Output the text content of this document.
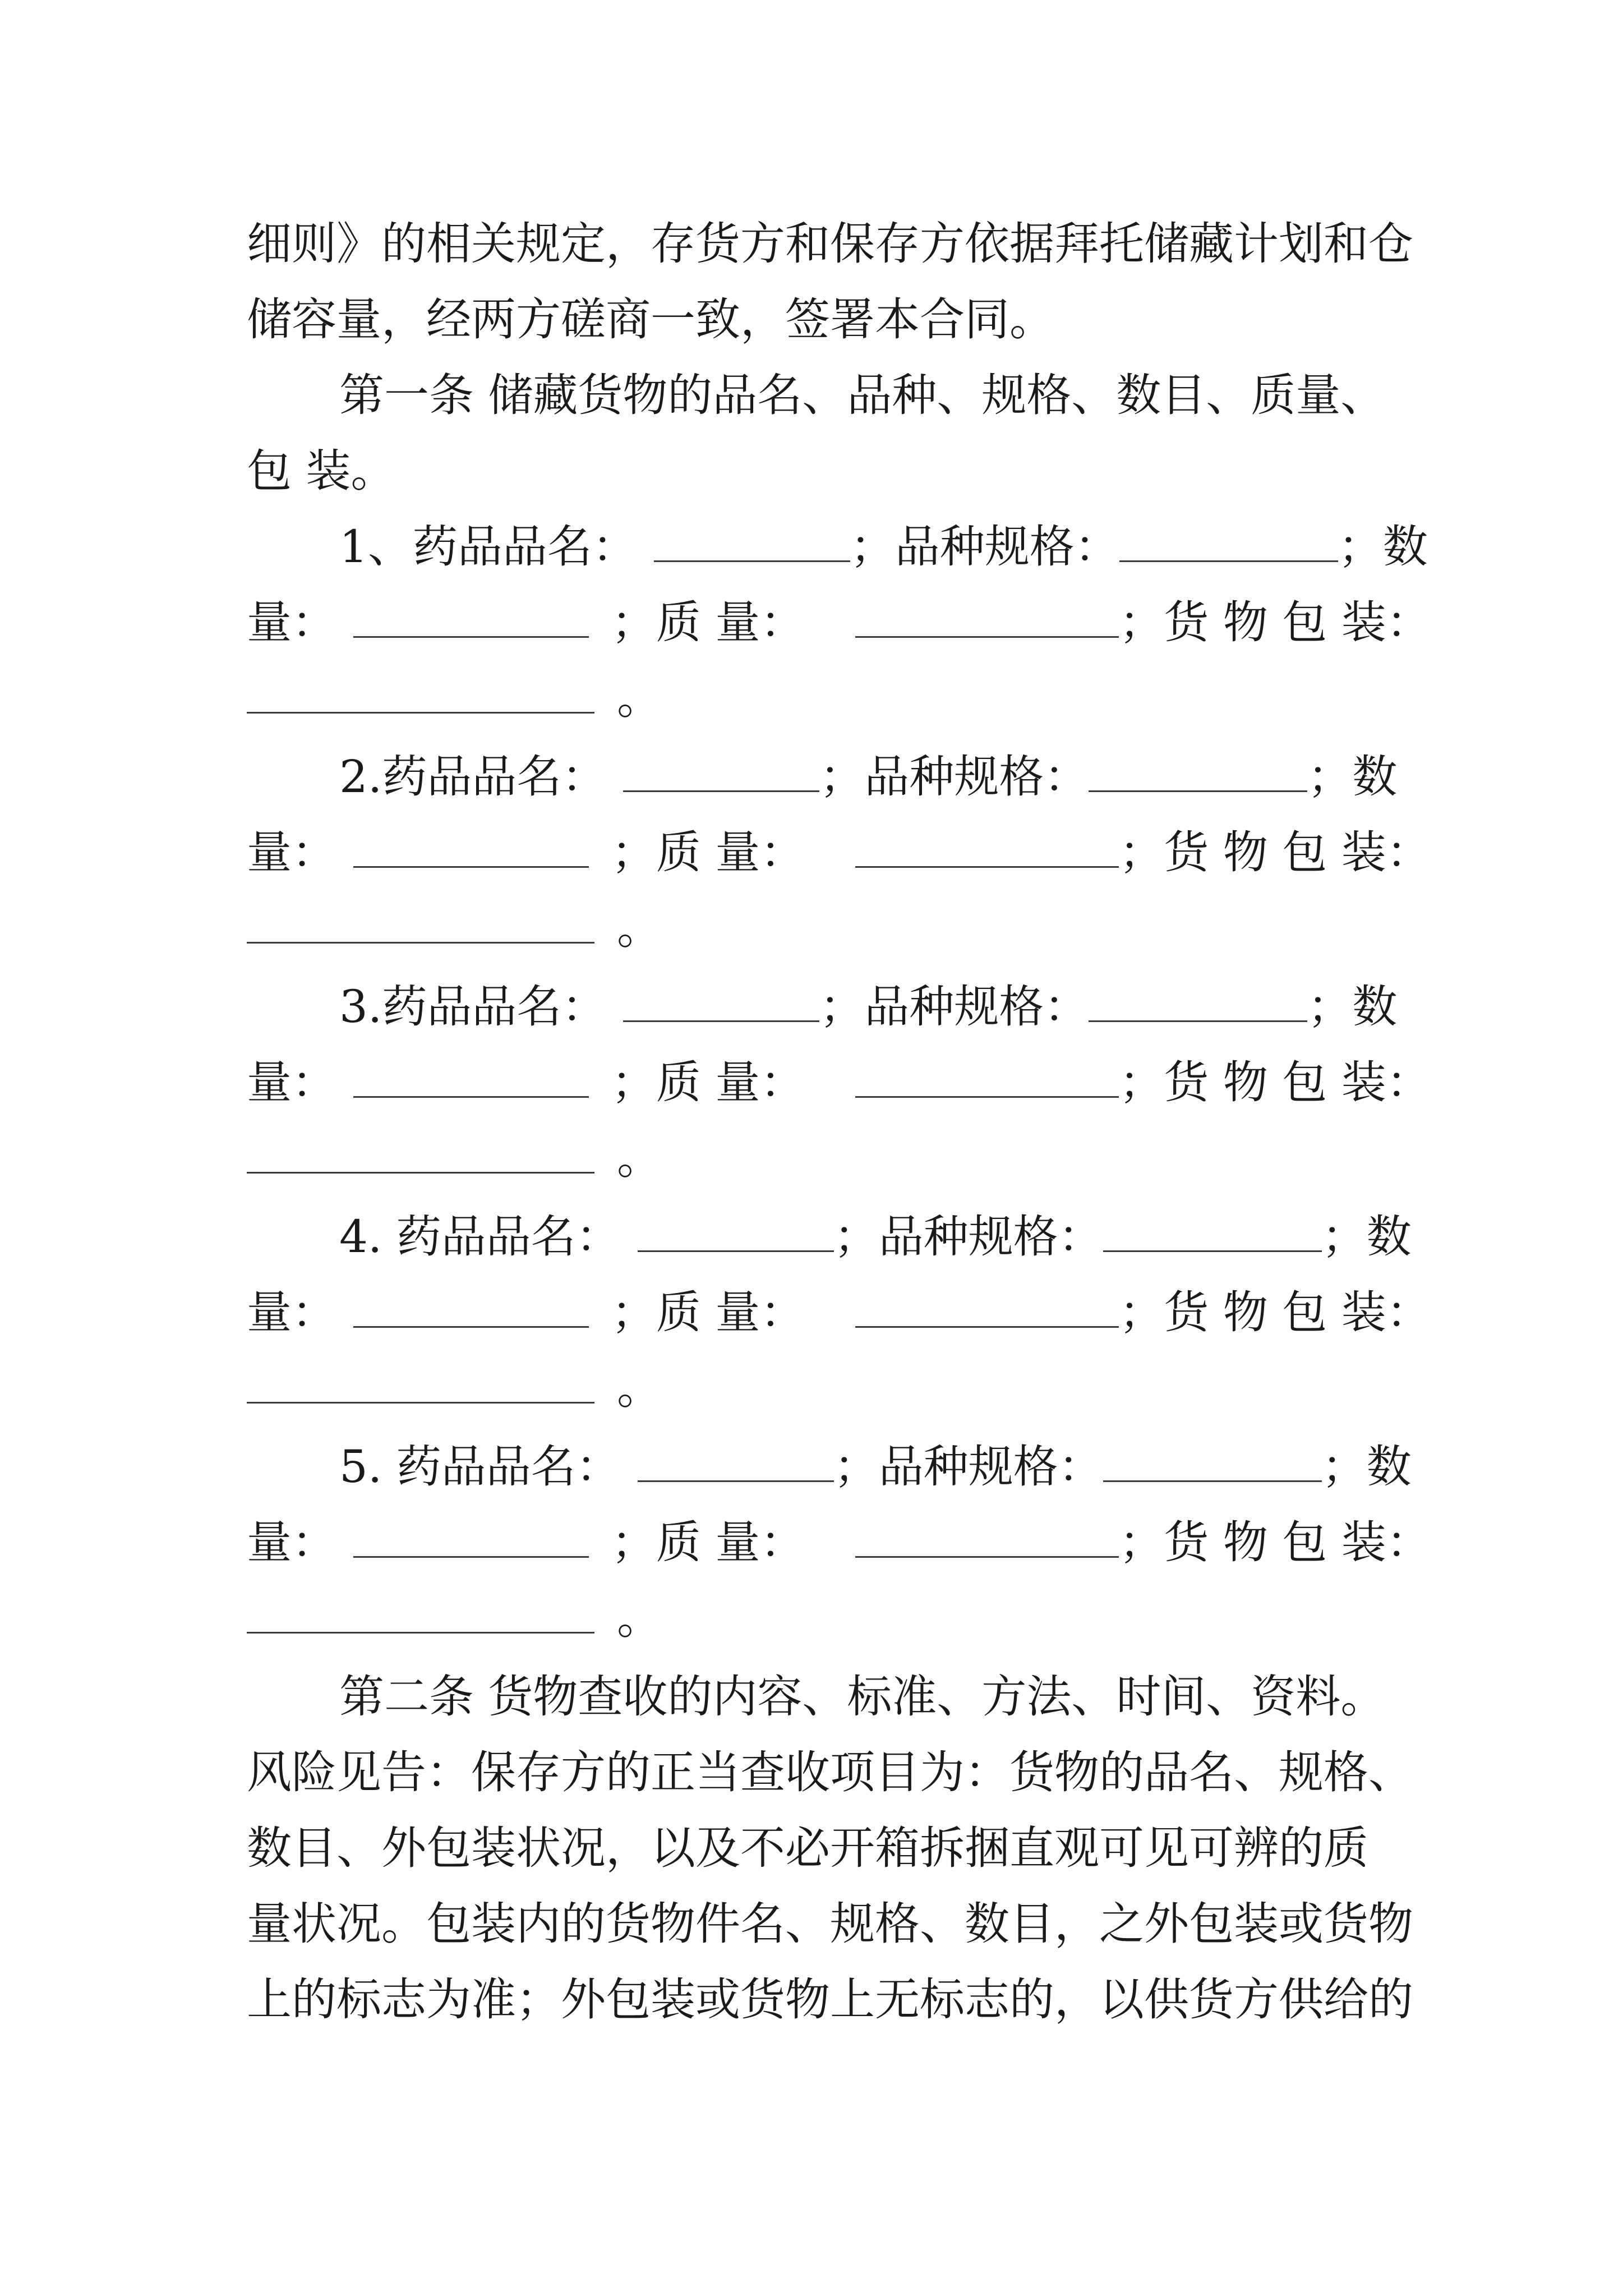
细则》的相关规定，存货方和保存方依据拜托储藏计划和仓
储容量，经两方磋商一致，签署本合同。
第一条 储藏货物的品名、品种、规格、数目、质量、
包 装。
1、药品品名：	；品种规格：	；数
量：	；质 量：	；货 物 包 装：
。
2.药品品名：	；品种规格：	；数
量：	；质 量：	；货 物 包 装：
。
3.药品品名：	；品种规格：	；数
量：	；质 量：	；货 物 包 装：
。
4. 药品品名：	；品种规格：	；数
量：	；质 量：	；货 物 包 装：
。
5. 药品品名：	；品种规格：	；数
量：	；质 量：	；货 物 包 装：
。
第二条 货物查收的内容、标准、方法、时间、资料。
风险见告：保存方的正当查收项目为：货物的品名、规格、
数目、外包装状况，以及不必开箱拆捆直观可见可辨的质
量状况。包装内的货物件名、规格、数目，之外包装或货物
上的标志为准；外包装或货物上无标志的，以供货方供给的
